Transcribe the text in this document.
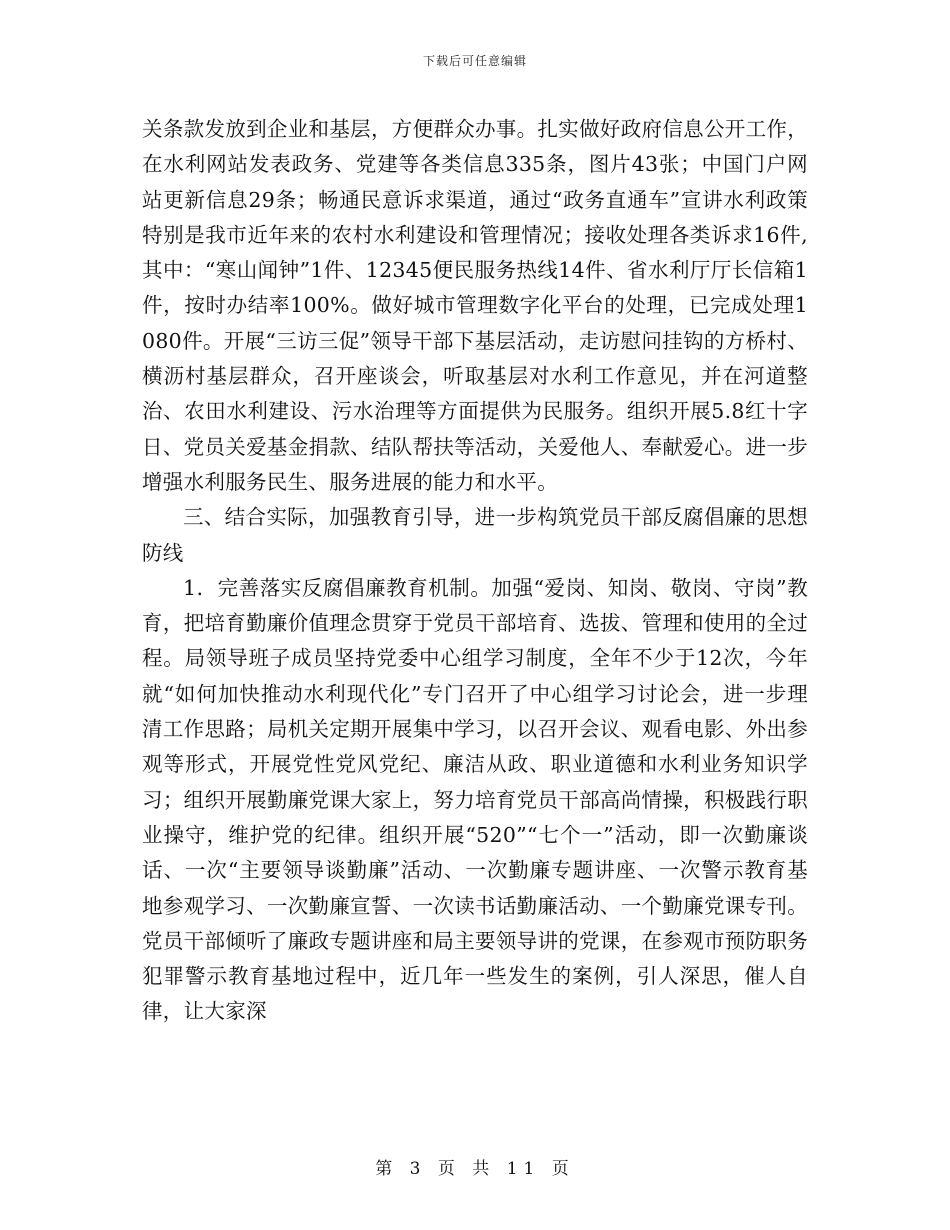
下载后可任意编辑

关条款发放到企业和基层，方便群众办事。扎实做好政府信息公开工作，在水利网站发表政务、党建等各类信息335条，图片43张；中国门户网站更新信息29条；畅通民意诉求渠道，通过“政务直通车”宣讲水利政策特别是我市近年来的农村水利建设和管理情况；接收处理各类诉求16件,其中：“寒山闻钟”1件、12345便民服务热线14件、省水利厅厅长信箱1件，按时办结率100%。做好城市管理数字化平台的处理，已完成处理1080件。开展“三访三促”领导干部下基层活动，走访慰问挂钩的方桥村、横沥村基层群众，召开座谈会，听取基层对水利工作意见，并在河道整治、农田水利建设、污水治理等方面提供为民服务。组织开展5.8红十字日、党员关爱基金捐款、结队帮扶等活动，关爱他人、奉献爱心。进一步增强水利服务民生、服务进展的能力和水平。

三、结合实际，加强教育引导，进一步构筑党员干部反腐倡廉的思想防线

1．完善落实反腐倡廉教育机制。加强“爱岗、知岗、敬岗、守岗”教育，把培育勤廉价值理念贯穿于党员干部培育、选拔、管理和使用的全过程。局领导班子成员坚持党委中心组学习制度，全年不少于12次，今年就“如何加快推动水利现代化”专门召开了中心组学习讨论会，进一步理清工作思路；局机关定期开展集中学习，以召开会议、观看电影、外出参观等形式，开展党性党风党纪、廉洁从政、职业道德和水利业务知识学习；组织开展勤廉党课大家上，努力培育党员干部高尚情操，积极践行职业操守，维护党的纪律。组织开展“520”“七个一”活动，即一次勤廉谈话、一次“主要领导谈勤廉”活动、一次勤廉专题讲座、一次警示教育基地参观学习、一次勤廉宣誓、一次读书话勤廉活动、一个勤廉党课专刊。党员干部倾听了廉政专题讲座和局主要领导讲的党课，在参观市预防职务犯罪警示教育基地过程中，近几年一些发生的案例，引人深思，催人自律，让大家深

第 3 页 共 11 页
